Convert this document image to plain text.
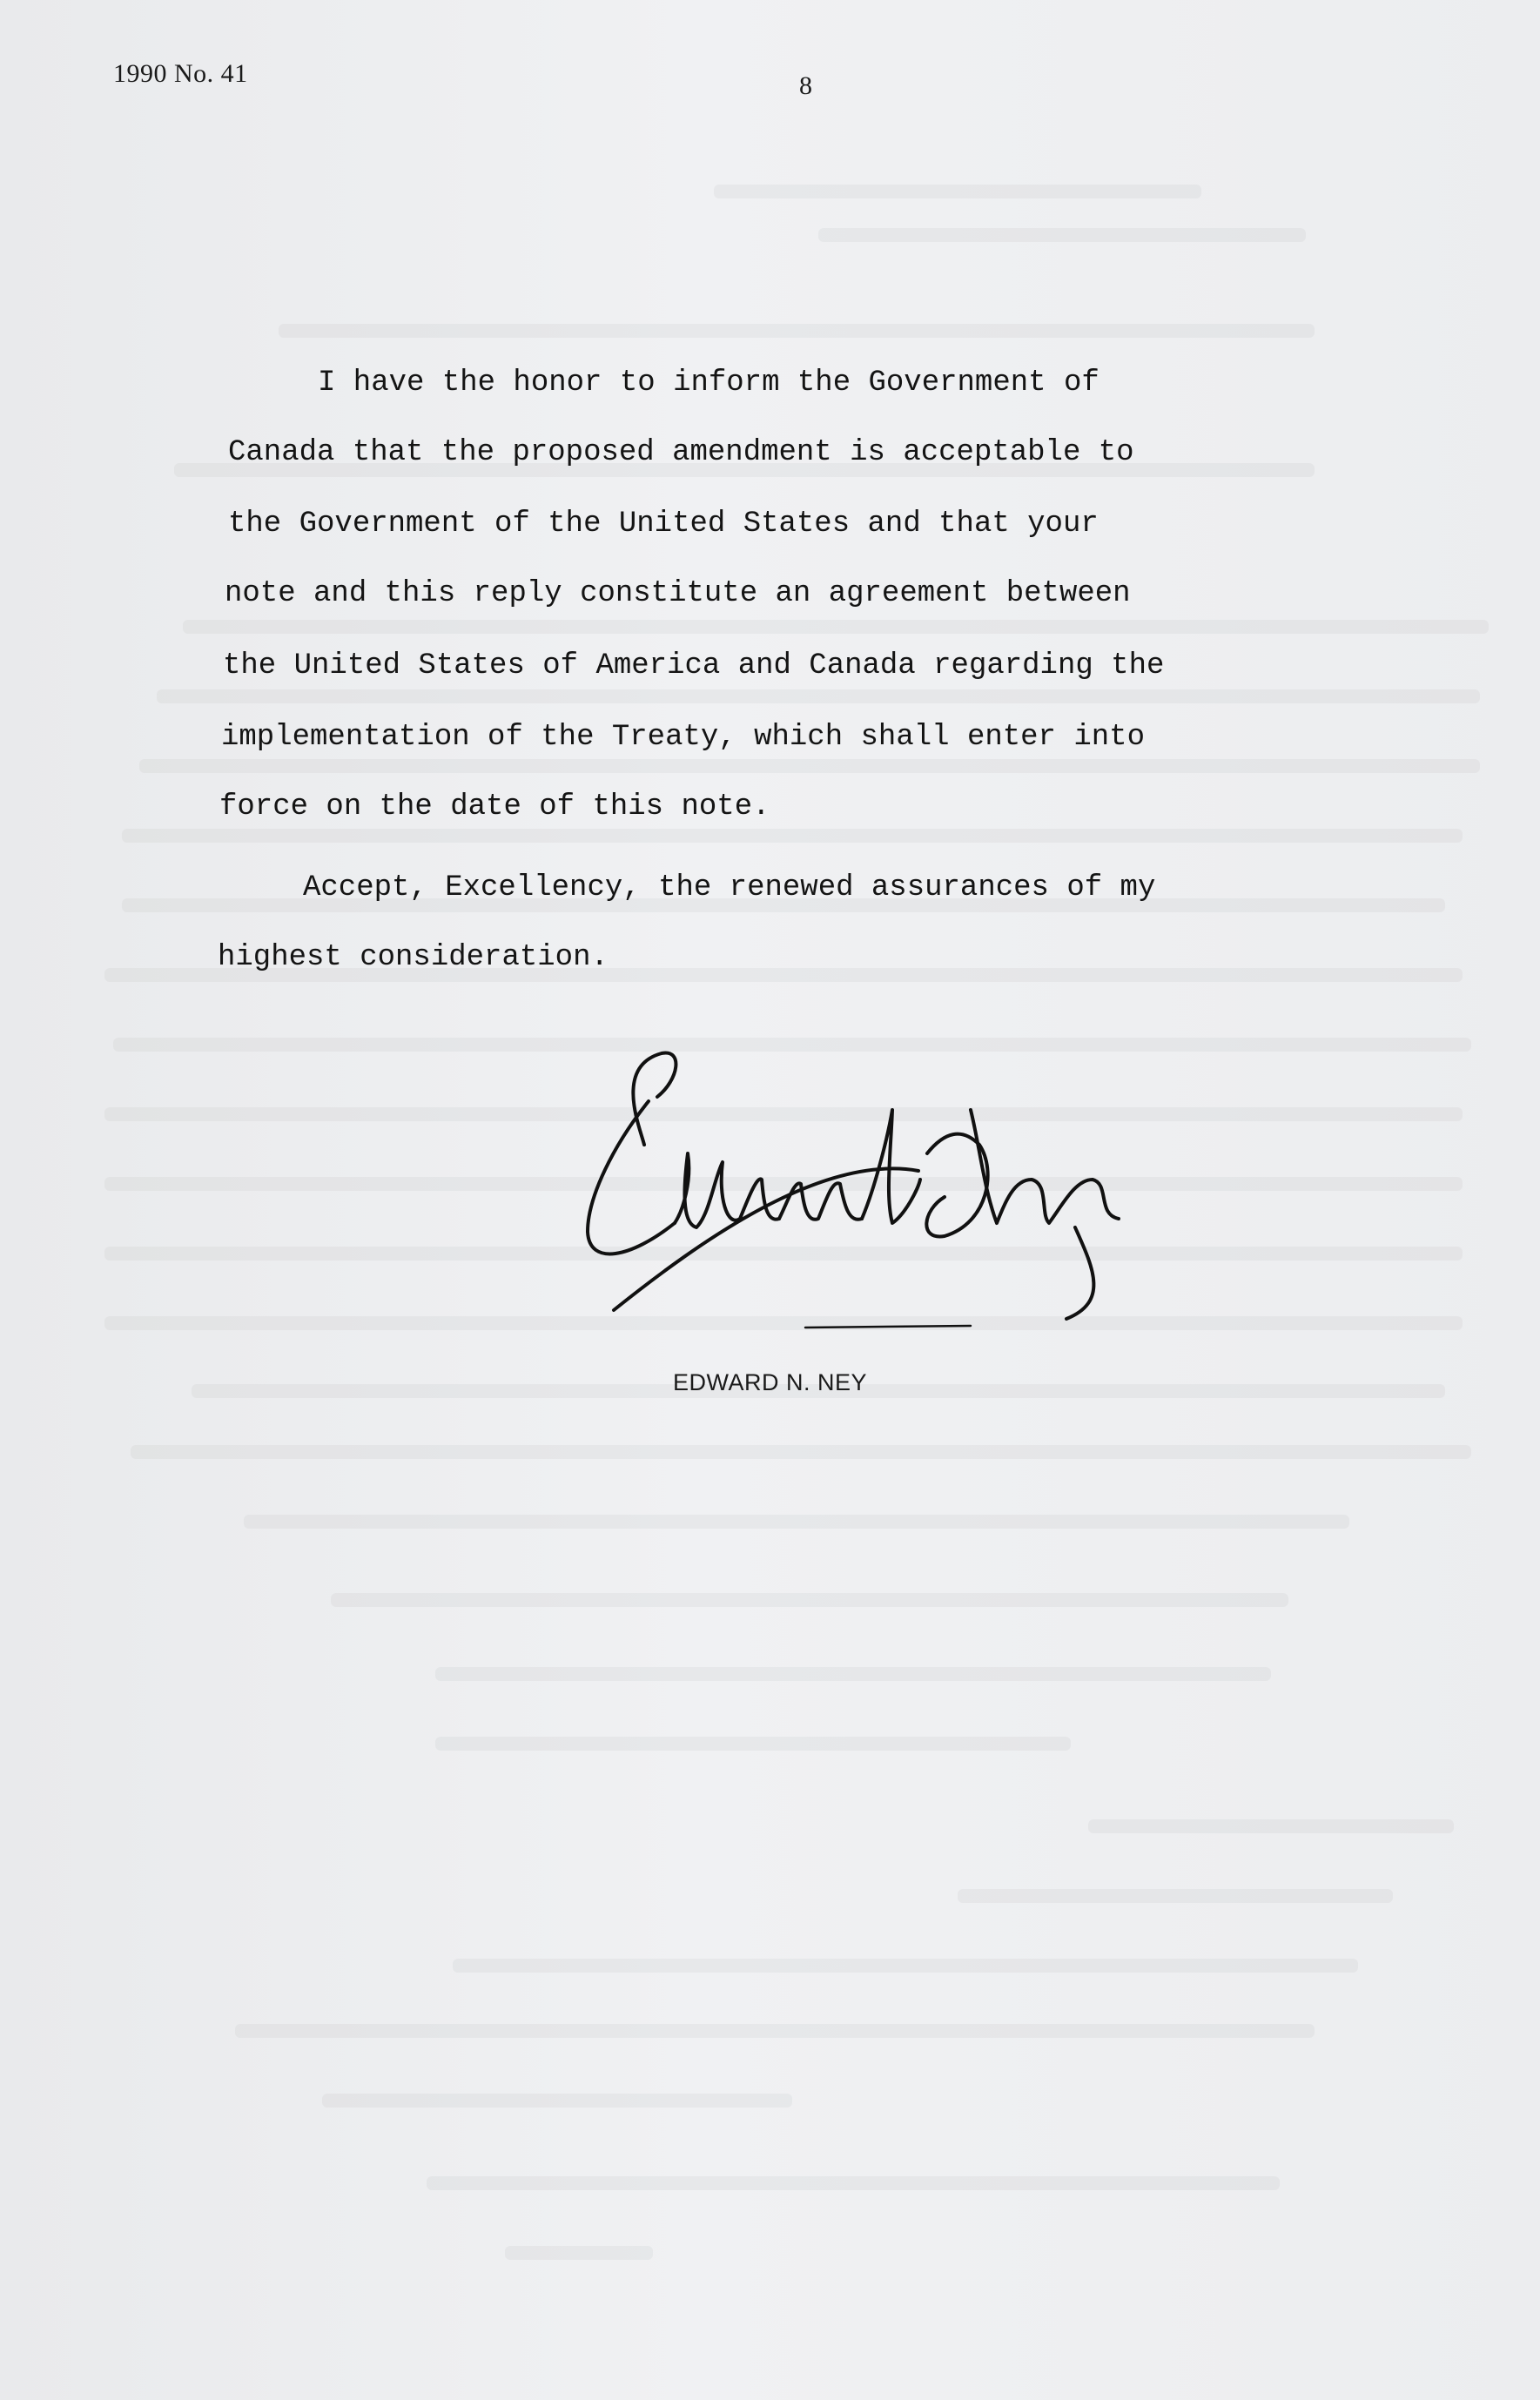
1990 No. 41	8

I have the honor to inform the Government of

Canada that the proposed amendment is acceptable to

the Government of the United States and that your

note and this reply constitute an agreement between

the United States of America and Canada regarding the

implementation of the Treaty, which shall enter into

force on the date of this note.

Accept, Excellency, the renewed assurances of my

highest consideration.

EDWARD N. NEY
